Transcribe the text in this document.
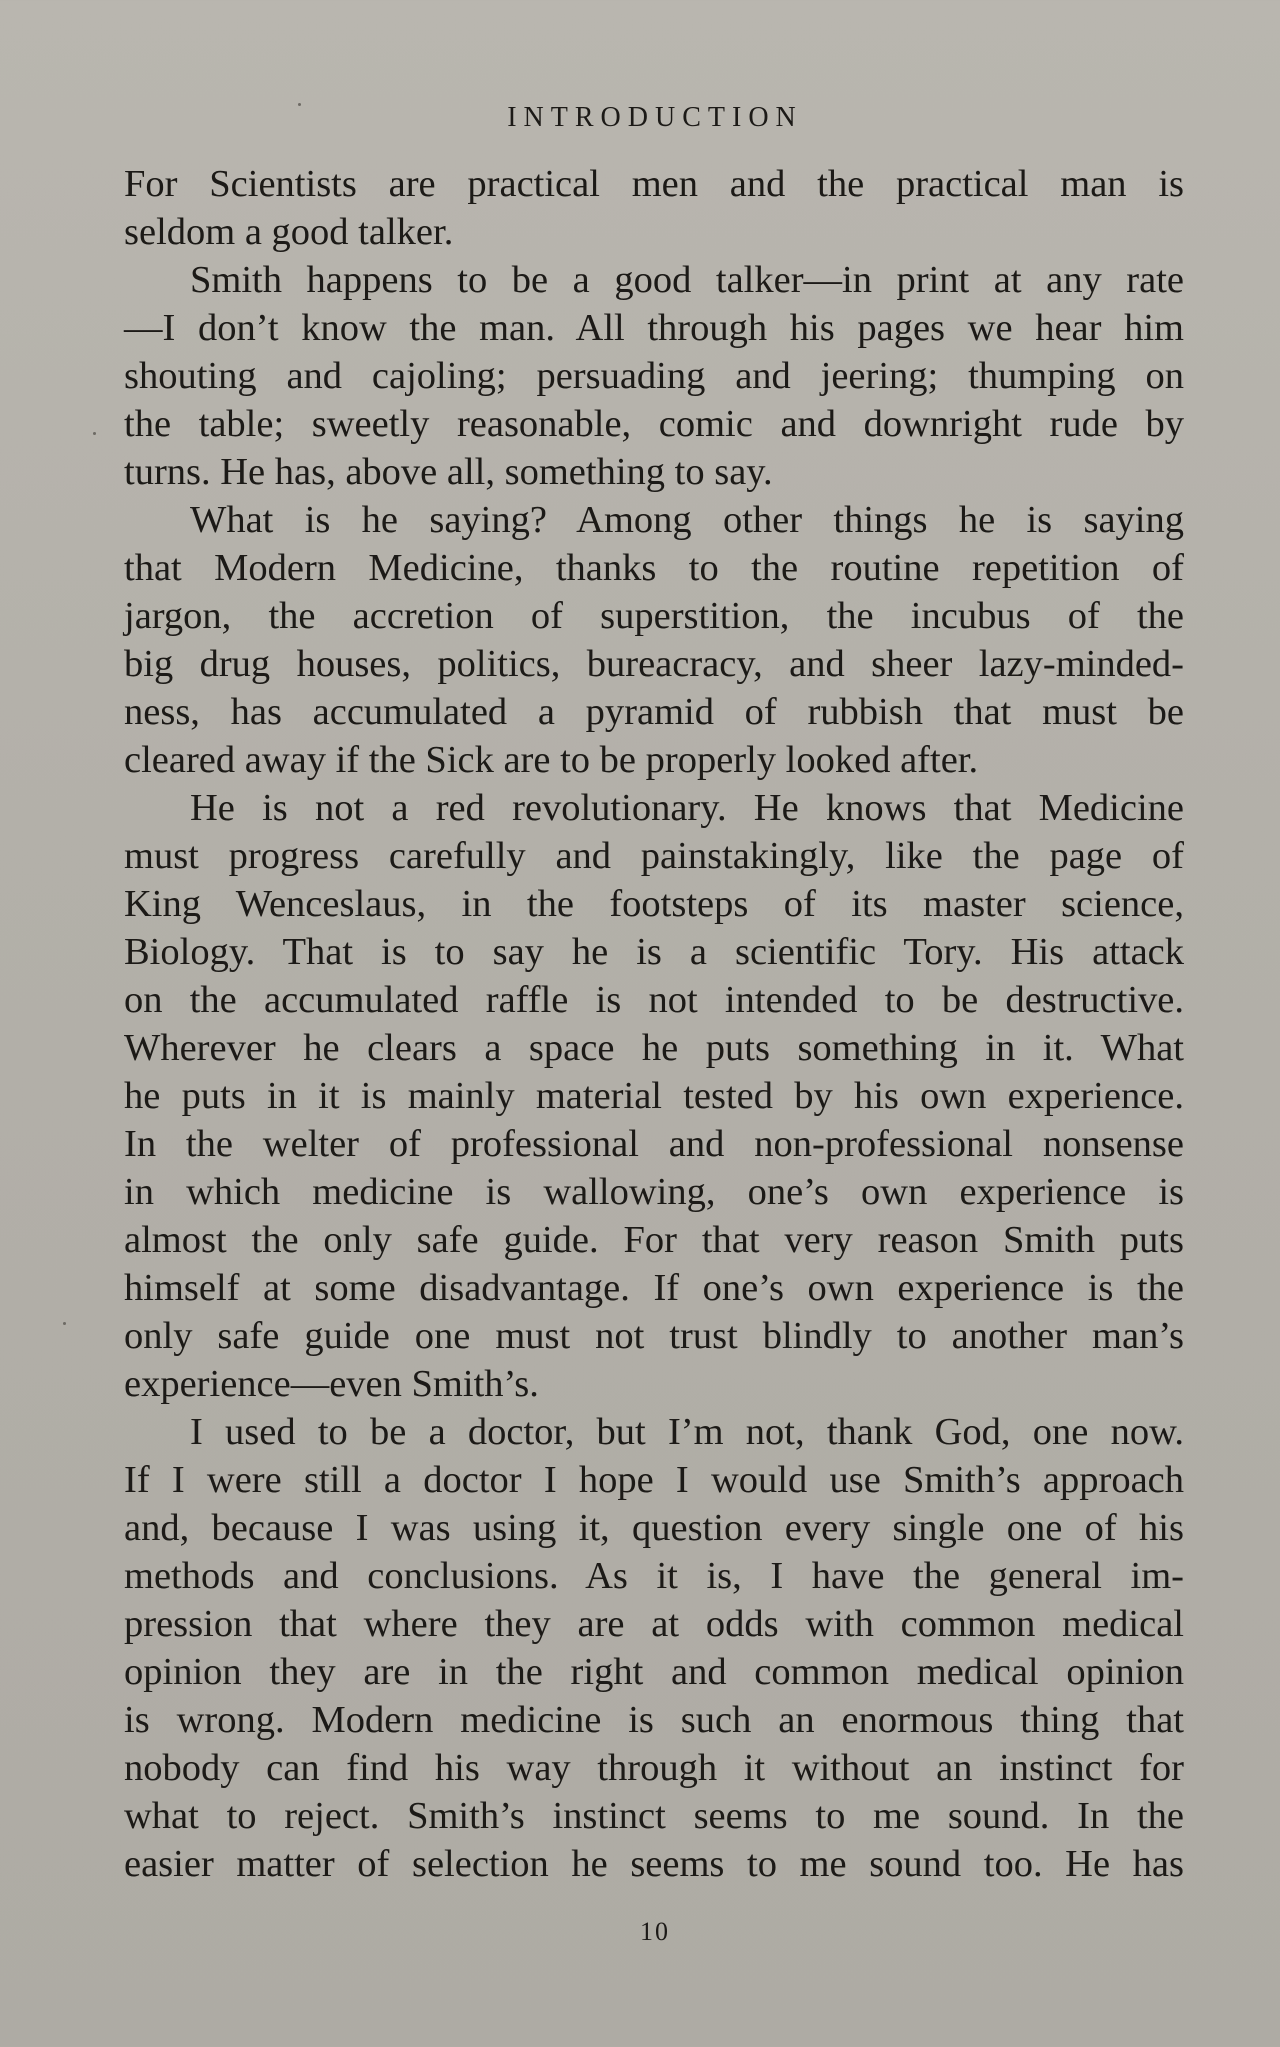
INTRODUCTION
For Scientists are practical men and the practical man is
seldom a good talker.
Smith happens to be a good talker—in print at any rate
—I don’t know the man. All through his pages we hear him
shouting and cajoling; persuading and jeering; thumping on
the table; sweetly reasonable, comic and downright rude by
turns. He has, above all, something to say.
What is he saying? Among other things he is saying
that Modern Medicine, thanks to the routine repetition of
jargon, the accretion of superstition, the incubus of the
big drug houses, politics, bureacracy, and sheer lazy-minded-
ness, has accumulated a pyramid of rubbish that must be
cleared away if the Sick are to be properly looked after.
He is not a red revolutionary. He knows that Medicine
must progress carefully and painstakingly, like the page of
King Wenceslaus, in the footsteps of its master science,
Biology. That is to say he is a scientific Tory. His attack
on the accumulated raffle is not intended to be destructive.
Wherever he clears a space he puts something in it. What
he puts in it is mainly material tested by his own experience.
In the welter of professional and non-professional nonsense
in which medicine is wallowing, one’s own experience is
almost the only safe guide. For that very reason Smith puts
himself at some disadvantage. If one’s own experience is the
only safe guide one must not trust blindly to another man’s
experience—even Smith’s.
I used to be a doctor, but I’m not, thank God, one now.
If I were still a doctor I hope I would use Smith’s approach
and, because I was using it, question every single one of his
methods and conclusions. As it is, I have the general im-
pression that where they are at odds with common medical
opinion they are in the right and common medical opinion
is wrong. Modern medicine is such an enormous thing that
nobody can find his way through it without an instinct for
what to reject. Smith’s instinct seems to me sound. In the
easier matter of selection he seems to me sound too. He has
10
